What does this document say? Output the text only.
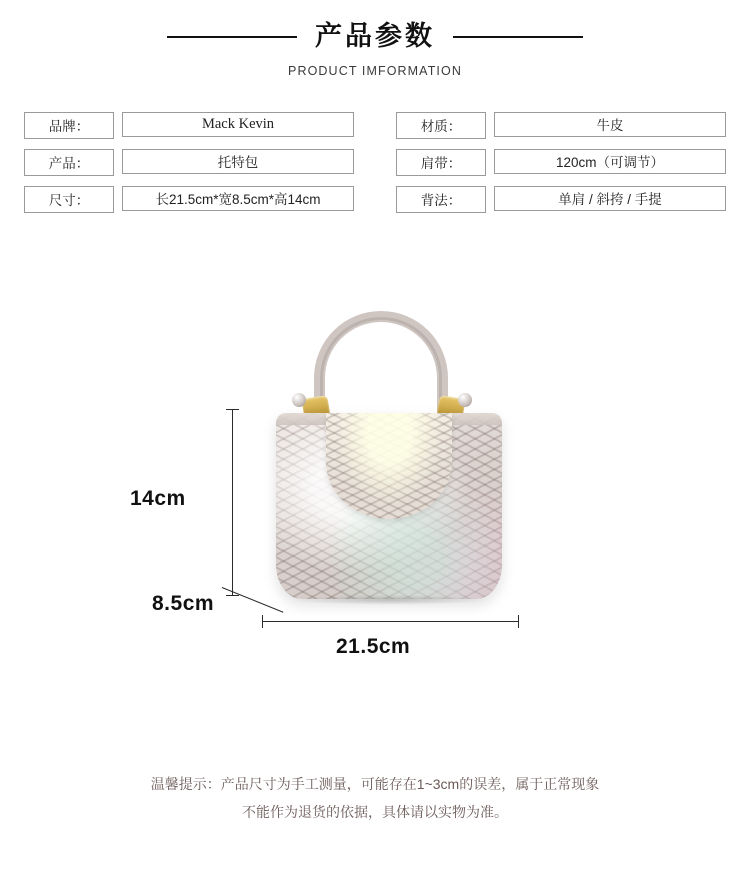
产品参数
PRODUCT IMFORMATION
品牌：	Mack Kevin
产品：	托特包
尺寸：	长21.5cm*宽8.5cm*高14cm
材质：	牛皮
肩带：	120cm（可调节）
背法：	单肩 / 斜挎 / 手提
14cm
8.5cm
21.5cm
温馨提示：产品尺寸为手工测量，可能存在1~3cm的误差，属于正常现象
不能作为退货的依据，具体请以实物为准。
